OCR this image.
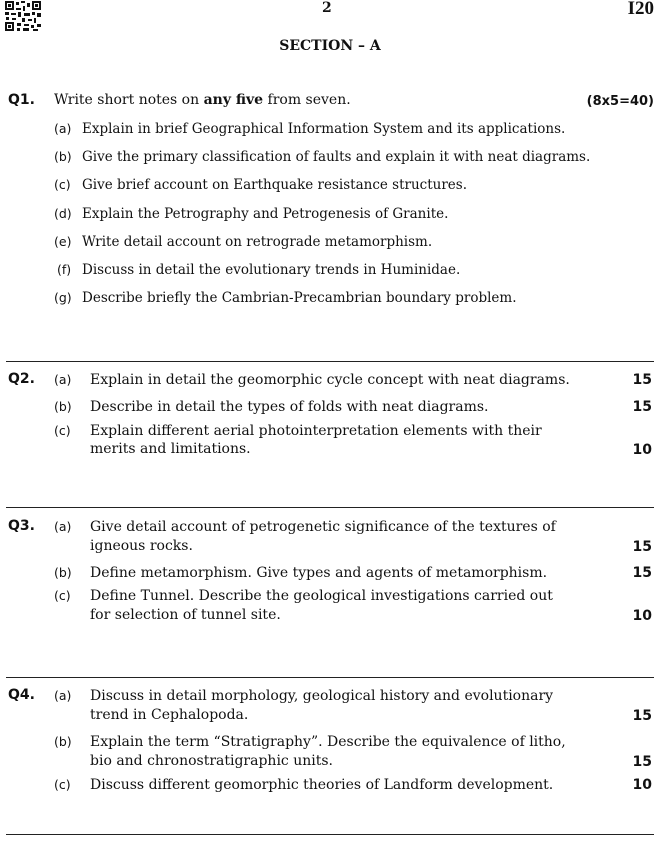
2	I20
SECTION – A
Q1. Write short notes on any five from seven.	(8x5=40)
(a) Explain in brief Geographical Information System and its applications.
(b) Give the primary classification of faults and explain it with neat diagrams.
(c) Give brief account on Earthquake resistance structures.
(d) Explain the Petrography and Petrogenesis of Granite.
(e) Write detail account on retrograde metamorphism.
(f) Discuss in detail the evolutionary trends in Huminidae.
(g) Describe briefly the Cambrian-Precambrian boundary problem.
Q2. (a) Explain in detail the geomorphic cycle concept with neat diagrams.	15
(b) Describe in detail the types of folds with neat diagrams.	15
(c) Explain different aerial photointerpretation elements with their
merits and limitations.	10
Q3. (a) Give detail account of petrogenetic significance of the textures of
igneous rocks.	15
(b) Define metamorphism. Give types and agents of metamorphism.	15
(c) Define Tunnel. Describe the geological investigations carried out
for selection of tunnel site.	10
Q4. (a) Discuss in detail morphology, geological history and evolutionary
trend in Cephalopoda.	15
(b) Explain the term “Stratigraphy”. Describe the equivalence of litho,
bio and chronostratigraphic units.	15
(c) Discuss different geomorphic theories of Landform development.	10
